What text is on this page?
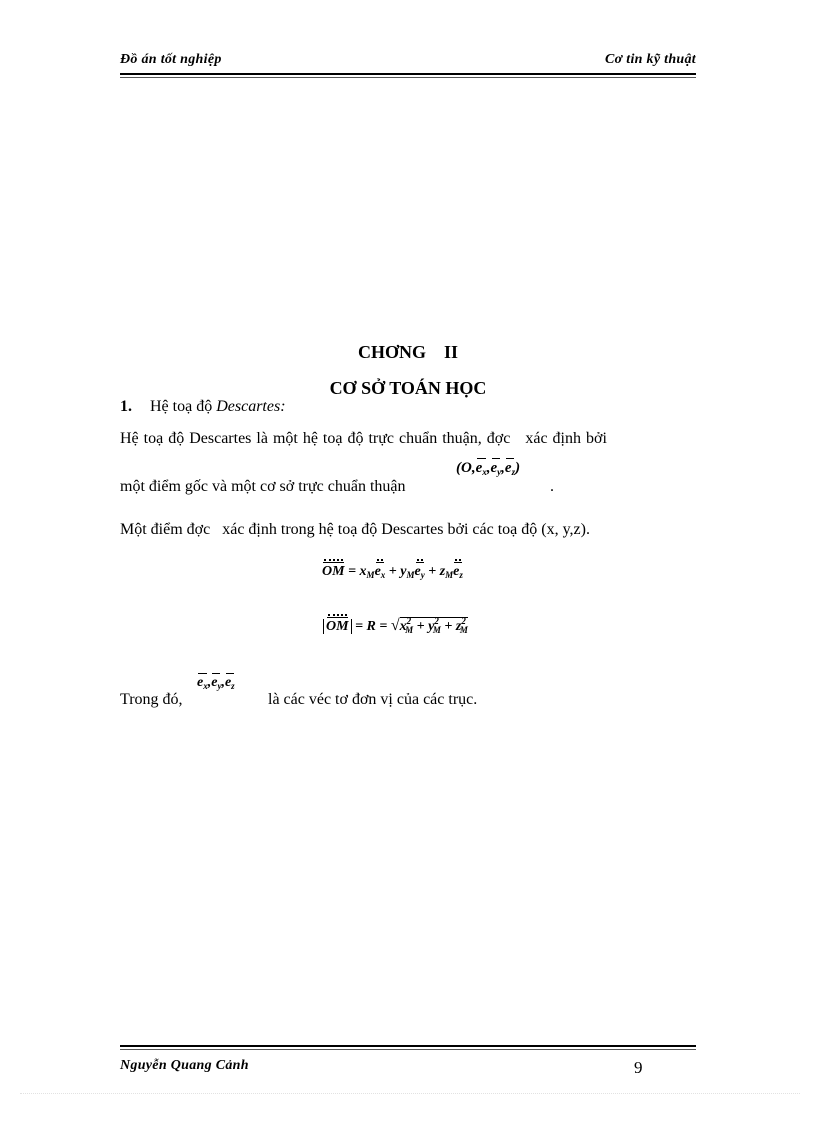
Đồ án tốt nghiệp	Cơ tin kỹ thuật
CHƠNG    II
CƠ SỞ TOÁN HỌC
1. Hệ toạ độ Descartes:
Hệ toạ độ Descartes là một hệ toạ độ trực chuẩn thuận, đợc   xác định bởi
một điểm gốc và một cơ sở trực chuẩn thuận
$(O,e_x,e_y,e_z)$
.
Một điểm đợc   xác định trong hệ toạ độ Descartes bởi các toạ độ (x, y,z).
OM = $x_Me_x + y_Me_y + z_Me_z$
OM = $R = √x^2_M + y^2_M + z^2_M$
Trong đó,
$e_x,e_y,e_z$
là các véc tơ đơn vị của các trục.
Nguyễn Quang Cảnh	9
